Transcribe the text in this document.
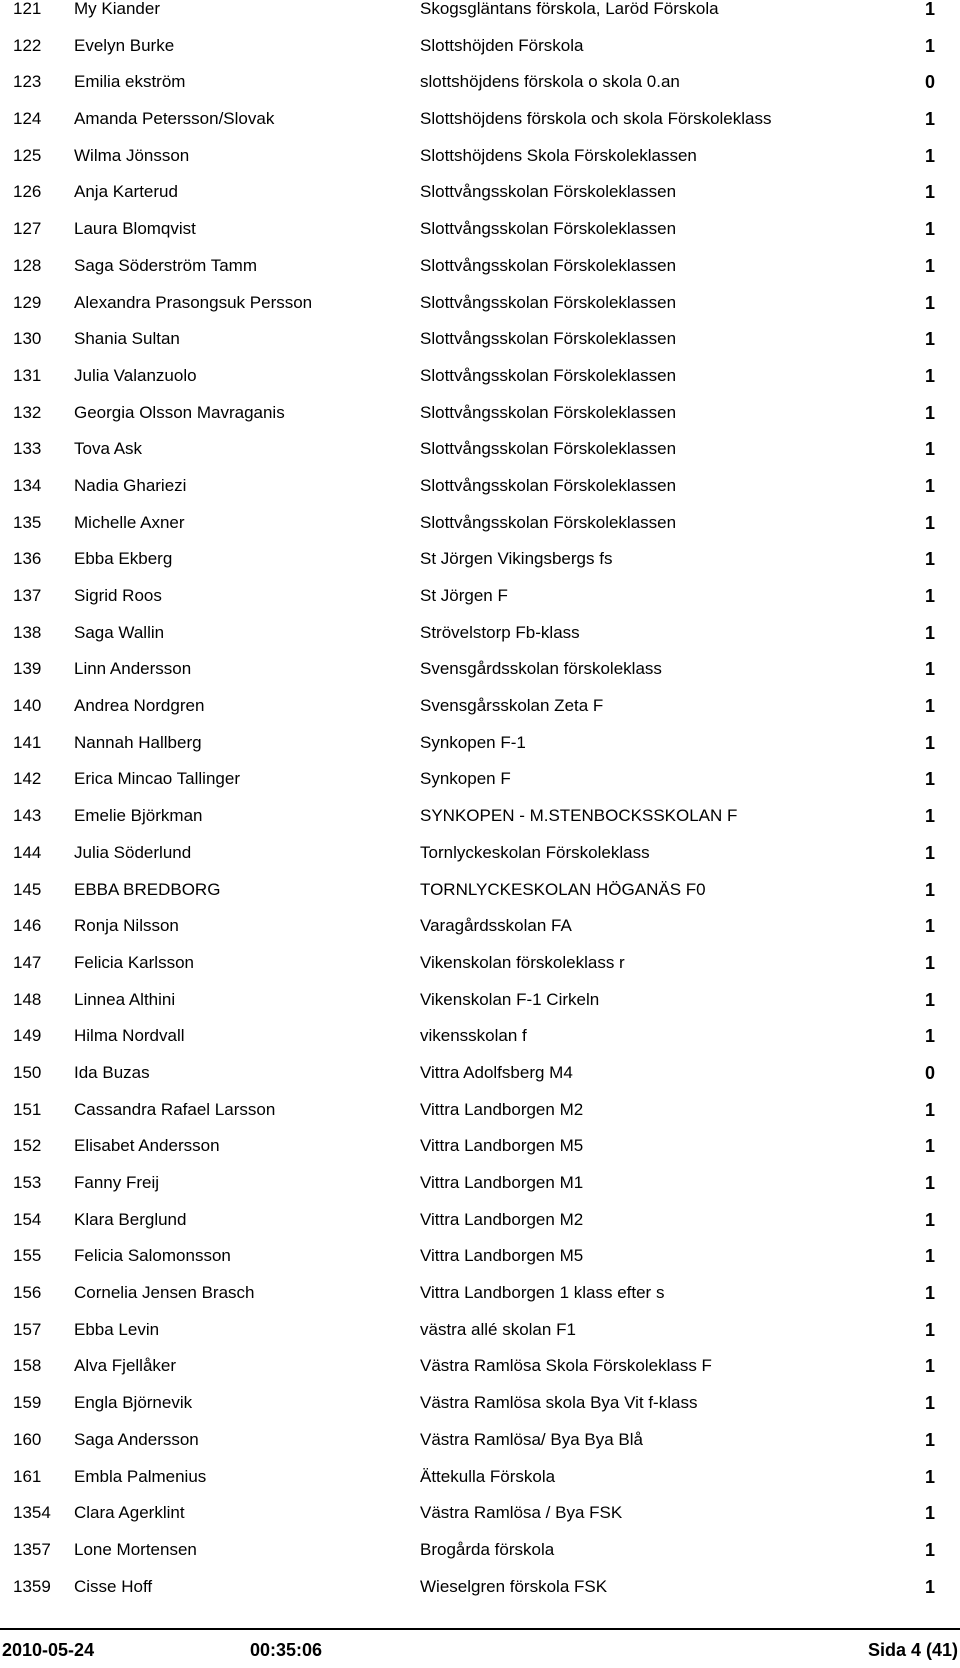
121 My Kiander	Skogsgläntans förskola, Laröd Förskola	1
122 Evelyn Burke	Slottshöjden Förskola	1
123 Emilia ekström	slottshöjdens förskola o skola 0.an	0
124 Amanda Petersson/Slovak	Slottshöjdens förskola och skola Förskoleklass	1
125 Wilma Jönsson	Slottshöjdens Skola Förskoleklassen	1
126 Anja Karterud	Slottvångsskolan Förskoleklassen	1
127 Laura Blomqvist	Slottvångsskolan Förskoleklassen	1
128 Saga Söderström Tamm	Slottvångsskolan Förskoleklassen	1
129 Alexandra Prasongsuk Persson	Slottvångsskolan Förskoleklassen	1
130 Shania Sultan	Slottvångsskolan Förskoleklassen	1
131 Julia Valanzuolo	Slottvångsskolan Förskoleklassen	1
132 Georgia Olsson Mavraganis	Slottvångsskolan Förskoleklassen	1
133 Tova Ask	Slottvångsskolan Förskoleklassen	1
134 Nadia Ghariezi	Slottvångsskolan Förskoleklassen	1
135 Michelle Axner	Slottvångsskolan Förskoleklassen	1
136 Ebba Ekberg	St Jörgen Vikingsbergs fs	1
137 Sigrid Roos	St Jörgen F	1
138 Saga Wallin	Strövelstorp Fb-klass	1
139 Linn Andersson	Svensgårdsskolan förskoleklass	1
140 Andrea Nordgren	Svensgårsskolan Zeta F	1
141 Nannah Hallberg	Synkopen F-1	1
142 Erica Mincao Tallinger	Synkopen F	1
143 Emelie Björkman	SYNKOPEN - M.STENBOCKSSKOLAN F	1
144 Julia Söderlund	Tornlyckeskolan Förskoleklass	1
145 EBBA BREDBORG	TORNLYCKESKOLAN HÖGANÄS F0	1
146 Ronja Nilsson	Varagårdsskolan FA	1
147 Felicia Karlsson	Vikenskolan förskoleklass r	1
148 Linnea Althini	Vikenskolan F-1 Cirkeln	1
149 Hilma Nordvall	vikensskolan f	1
150 Ida Buzas	Vittra Adolfsberg M4	0
151 Cassandra Rafael Larsson	Vittra Landborgen M2	1
152 Elisabet Andersson	Vittra Landborgen M5	1
153 Fanny Freij	Vittra Landborgen M1	1
154 Klara Berglund	Vittra Landborgen M2	1
155 Felicia Salomonsson	Vittra Landborgen M5	1
156 Cornelia Jensen Brasch	Vittra Landborgen 1 klass efter s	1
157 Ebba Levin	västra allé skolan F1	1
158 Alva Fjellåker	Västra Ramlösa Skola Förskoleklass F	1
159 Engla Björnevik	Västra Ramlösa skola Bya Vit f-klass	1
160 Saga Andersson	Västra Ramlösa/ Bya Bya Blå	1
161 Embla Palmenius	Ättekulla Förskola	1
1354 Clara Agerklint	Västra Ramlösa / Bya FSK	1
1357 Lone Mortensen	Brogårda förskola	1
1359 Cisse Hoff	Wieselgren förskola FSK	1
2010-05-24	00:35:06	Sida 4 (41)
